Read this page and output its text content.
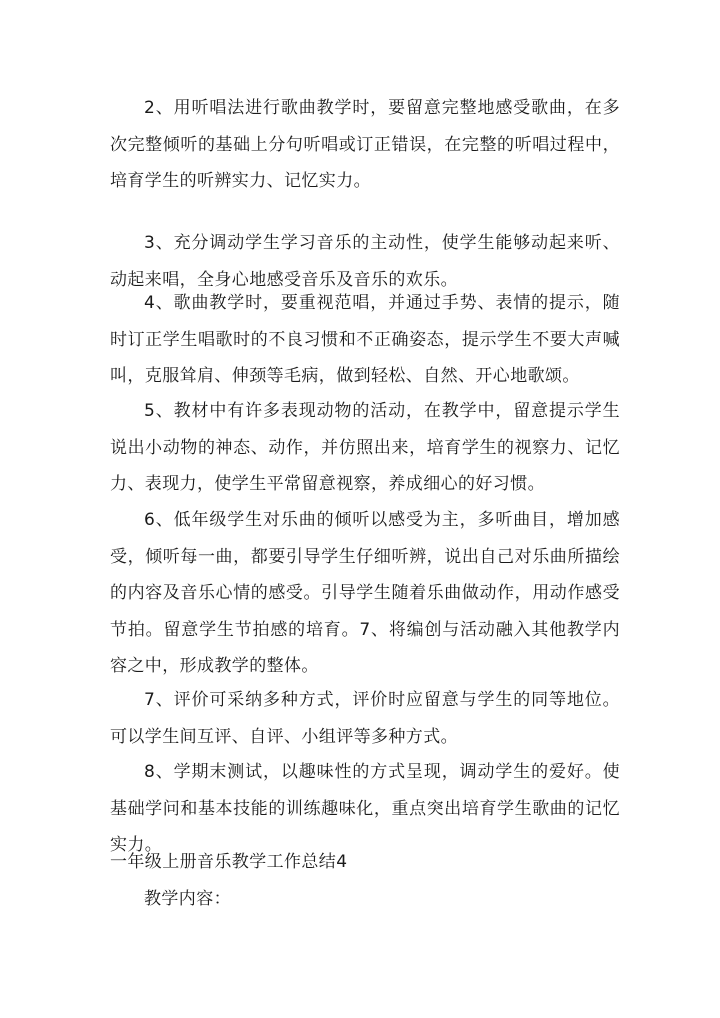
2、用听唱法进行歌曲教学时，要留意完整地感受歌曲，在多次完整倾听的基础上分句听唱或订正错误，在完整的听唱过程中，培育学生的听辨实力、记忆实力。

3、充分调动学生学习音乐的主动性，使学生能够动起来听、动起来唱，全身心地感受音乐及音乐的欢乐。

4、歌曲教学时，要重视范唱，并通过手势、表情的提示，随时订正学生唱歌时的不良习惯和不正确姿态，提示学生不要大声喊叫，克服耸肩、伸颈等毛病，做到轻松、自然、开心地歌颂。

5、教材中有许多表现动物的活动，在教学中，留意提示学生说出小动物的神态、动作，并仿照出来，培育学生的视察力、记忆力、表现力，使学生平常留意视察，养成细心的好习惯。

6、低年级学生对乐曲的倾听以感受为主，多听曲目，增加感受，倾听每一曲，都要引导学生仔细听辨，说出自己对乐曲所描绘的内容及音乐心情的感受。引导学生随着乐曲做动作，用动作感受节拍。留意学生节拍感的培育。7、将编创与活动融入其他教学内容之中，形成教学的整体。

7、评价可采纳多种方式，评价时应留意与学生的同等地位。可以学生间互评、自评、小组评等多种方式。

8、学期末测试，以趣味性的方式呈现，调动学生的爱好。使基础学问和基本技能的训练趣味化，重点突出培育学生歌曲的记忆实力。

一年级上册音乐教学工作总结4

教学内容：
